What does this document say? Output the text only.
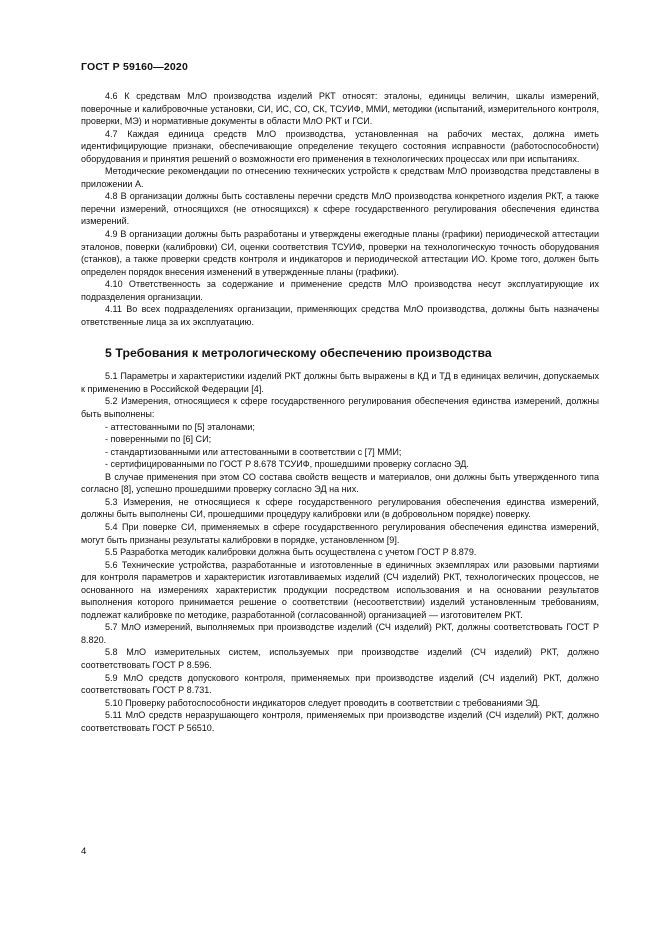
ГОСТ Р 59160—2020

4.6 К средствам МлО производства изделий РКТ относят: эталоны, единицы величин, шкалы измерений, поверочные и калибровочные установки, СИ, ИС, СО, СК, ТСУИФ, ММИ, методики (испытаний, измерительного контроля, проверки, МЭ) и нормативные документы в области МлО РКТ и ГСИ.

4.7 Каждая единица средств МлО производства, установленная на рабочих местах, должна иметь идентифицирующие признаки, обеспечивающие определение текущего состояния исправности (работоспособности) оборудования и принятия решений о возможности его применения в технологических процессах или при испытаниях.

Методические рекомендации по отнесению технических устройств к средствам МлО производства представлены в приложении А.

4.8 В организации должны быть составлены перечни средств МлО производства конкретного изделия РКТ, а также перечни измерений, относящихся (не относящихся) к сфере государственного регулирования обеспечения единства измерений.

4.9 В организации должны быть разработаны и утверждены ежегодные планы (графики) периодической аттестации эталонов, поверки (калибровки) СИ, оценки соответствия ТСУИФ, проверки на технологическую точность оборудования (станков), а также проверки средств контроля и индикаторов и периодической аттестации ИО. Кроме того, должен быть определен порядок внесения изменений в утвержденные планы (графики).

4.10 Ответственность за содержание и применение средств МлО производства несут эксплуатирующие их подразделения организации.

4.11 Во всех подразделениях организации, применяющих средства МлО производства, должны быть назначены ответственные лица за их эксплуатацию.

5 Требования к метрологическому обеспечению производства

5.1 Параметры и характеристики изделий РКТ должны быть выражены в КД и ТД в единицах величин, допускаемых к применению в Российской Федерации [4].

5.2 Измерения, относящиеся к сфере государственного регулирования обеспечения единства измерений, должны быть выполнены:

- аттестованными по [5] эталонами;
- поверенными по [6] СИ;
- стандартизованными или аттестованными в соответствии с [7] ММИ;
- сертифицированными по ГОСТ Р 8.678 ТСУИФ, прошедшими проверку согласно ЭД.

В случае применения при этом СО состава свойств веществ и материалов, они должны быть утвержденного типа согласно [8], успешно прошедшими проверку согласно ЭД на них.

5.3 Измерения, не относящиеся к сфере государственного регулирования обеспечения единства измерений, должны быть выполнены СИ, прошедшими процедуру калибровки или (в добровольном порядке) поверку.

5.4 При поверке СИ, применяемых в сфере государственного регулирования обеспечения единства измерений, могут быть признаны результаты калибровки в порядке, установленном [9].

5.5 Разработка методик калибровки должна быть осуществлена с учетом ГОСТ Р 8.879.

5.6 Технические устройства, разработанные и изготовленные в единичных экземплярах или разовыми партиями для контроля параметров и характеристик изготавливаемых изделий (СЧ изделий) РКТ, технологических процессов, не основанного на измерениях характеристик продукции посредством использования и на основании результатов выполнения которого принимается решение о соответствии (несоответствии) изделий установленным требованиям, подлежат калибровке по методике, разработанной (согласованной) организацией — изготовителем РКТ.

5.7 МлО измерений, выполняемых при производстве изделий (СЧ изделий) РКТ, должны соответствовать ГОСТ Р 8.820.

5.8 МлО измерительных систем, используемых при производстве изделий (СЧ изделий) РКТ, должно соответствовать ГОСТ Р 8.596.

5.9 МлО средств допускового контроля, применяемых при производстве изделий (СЧ изделий) РКТ, должно соответствовать ГОСТ Р 8.731.

5.10 Проверку работоспособности индикаторов следует проводить в соответствии с требованиями ЭД.

5.11 МлО средств неразрушающего контроля, применяемых при производстве изделий (СЧ изделий) РКТ, должно соответствовать ГОСТ Р 56510.

4
